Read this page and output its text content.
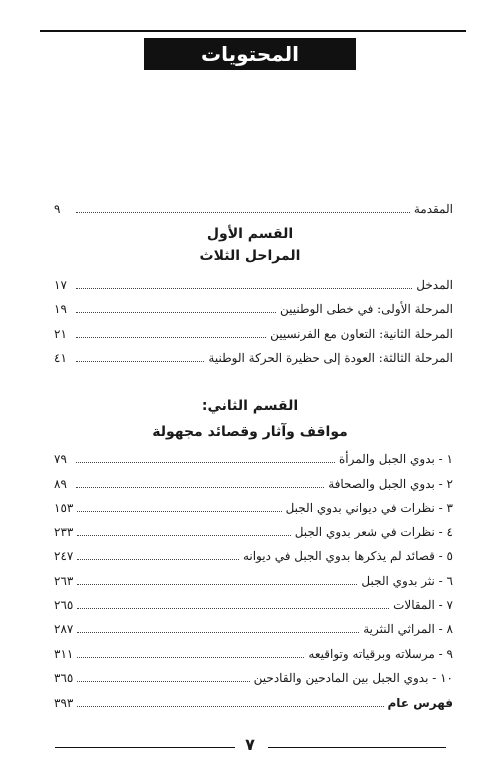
المحتويات
المقدمة
٩
القسم الأول
المراحل الثلاث
المدخل
١٧
المرحلة الأولى: في خطى الوطنيين
١٩
المرحلة الثانية: التعاون مع الفرنسيين
٢١
المرحلة الثالثة: العودة إلى حظيرة الحركة الوطنية
٤١
القسم الثاني:
مواقف وآثار وقصائد مجهولة
١ - بدوي الجبل والمرأة
٧٩
٢ - بدوي الجبل والصحافة
٨٩
٣ - نظرات في ديواني بدوي الجبل
١٥٣
٤ - نظرات في شعر بدوي الجبل
٢٣٣
٥ - قصائد لم يذكرها بدوي الجبل في ديوانه
٢٤٧
٦ - نثر بدوي الجبل
٢٦٣
٧ - المقالات
٢٦٥
٨ - المراثي النثرية
٢٨٧
٩ - مرسلاته وبرقياته وتواقيعه
٣١١
١٠ - بدوي الجبل بين المادحين والقادحين
٣٦٥
فهرس عام
٣٩٣
٧
